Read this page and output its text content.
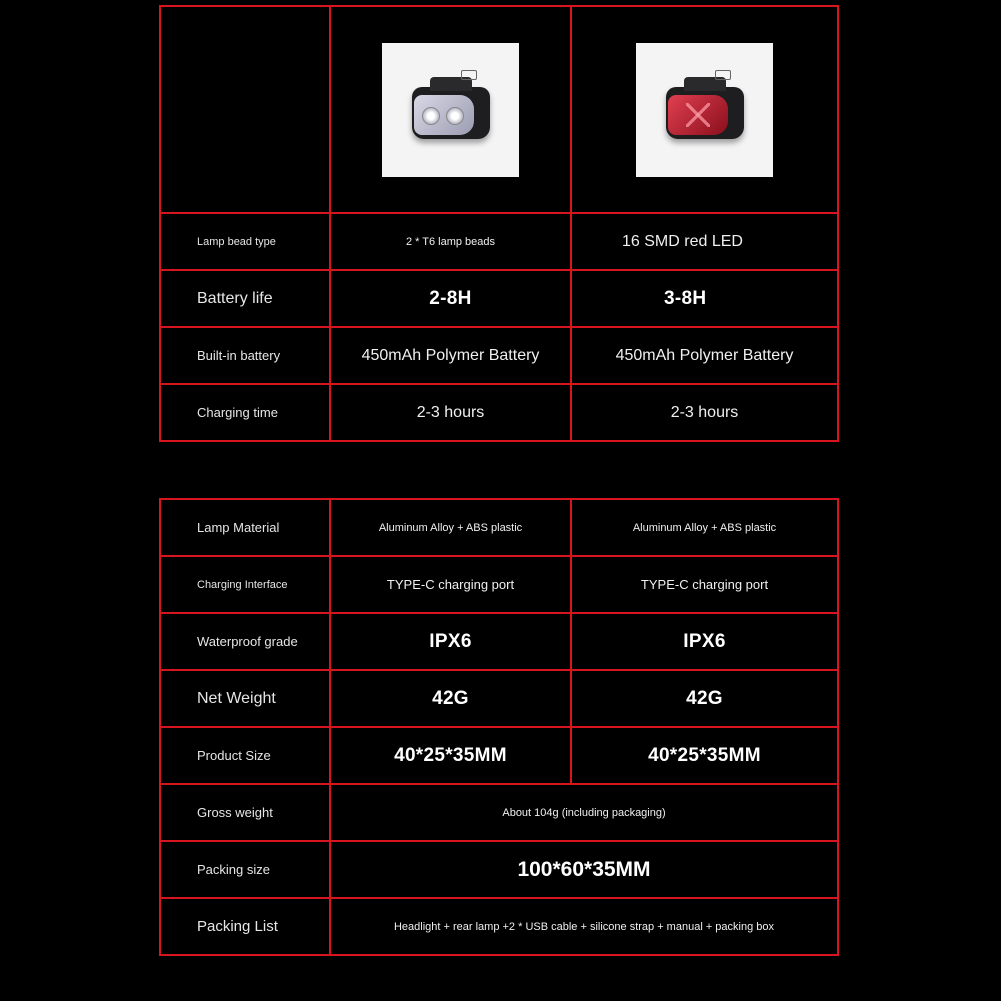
Lamp bead type	2 * T6 lamp beads	16 SMD red LED
Battery life	2-8H	3-8H
Built-in battery	450mAh Polymer Battery	450mAh Polymer Battery
Charging time	2-3 hours	2-3 hours
Lamp Material	Aluminum Alloy + ABS plastic	Aluminum Alloy + ABS plastic
Charging Interface	TYPE-C charging port	TYPE-C charging port
Waterproof grade	IPX6	IPX6
Net Weight	42G	42G
Product Size	40*25*35MM	40*25*35MM
Gross weight	About 104g (including packaging)	
Packing size	100*60*35MM	
Packing List	Headlight + rear lamp +2 * USB cable + silicone strap + manual + packing box	
